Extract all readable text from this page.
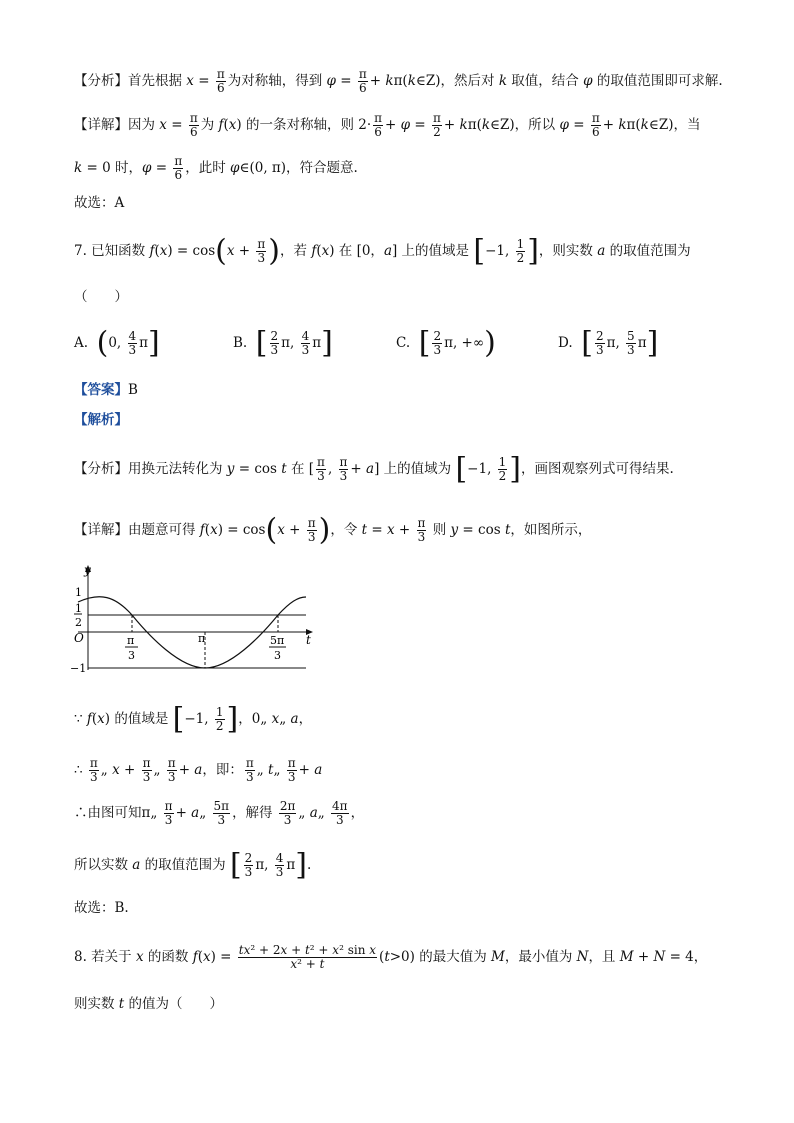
【分析】首先根据 $x = \frac{\pi}{6}$ 为对称轴，得到 $\varphi = \frac{\pi}{6}$ + kπ(k∈Z)，然后对 k 取值，结合 φ 的取值范围即可求解.
【详解】因为 $x = \frac{\pi}{6}$ 为 f(x) 的一条对称轴，则 $2\cdot \frac{\pi}{6} + \varphi = \frac{\pi}{2}$ + kπ(k∈Z)，所以 $\varphi = \frac{\pi}{6}$ + kπ(k∈Z)，当
k = 0 时，$\varphi = \frac{\pi}{6}$ ，此时 φ∈(0, π)，符合题意.
故选：A
7. 已知函数 $f(x) = \cos(x + \frac{\pi}{3}$ )，若 f(x) 在 [0，a] 上的值域是 [−1, $\frac{1}{2}$ ]，则实数 a 的取值范围为
（　　）
A.  (0, $\frac{4}{3} \pi$]	B.  [ $\frac{2}{3} \pi$, $\frac{4}{3} \pi$]	C.  [ $\frac{2}{3} \pi$, +∞)	D.  [ $\frac{2}{3} \pi$, $\frac{5}{3} \pi$]
【答案】B
【解析】
【分析】用换元法转化为 y = cos t 在 [ $\frac{\pi}{3}$ , $\frac{\pi}{3} + a$] 上的值域为 [−1, $\frac{1}{2}$ ]，画图观察列式可得结果.
【详解】由题意可得 $f(x) = \cos(x + \frac{\pi}{3}$ )，令 $t = x + \frac{\pi}{3}$ 则 y = cos t，如图所示，
y
t
O
1
1
2
−1
π
3
π	5π
3
∵ f(x) 的值域是 [−1, $\frac{1}{2}$ ]，0„ x„ a，
∴ $\frac{\pi}{3}$ „ $x + \frac{\pi}{3}$ „ $\frac{\pi}{3} + a$，即： $\frac{\pi}{3}$ „ t„ $\frac{\pi}{3} + a$
∴由图可知π„ $\frac{\pi}{3}$ + a„ $\frac{5\pi}{3}$ ，解得 $\frac{2\pi}{3}$ „ a„ $\frac{4\pi}{3}$ ，
所以实数 a 的取值范围为 [ $\frac{2}{3} \pi$, $\frac{4}{3} \pi$].
故选：B.
8. 若关于 x 的函数 $f(x) = \frac{\text{tx² + 2x + t² + x² sin x}}{\text{x² + t}} (t>0)$ 的最大值为 M，最小值为 N，且 M + N = 4，
则实数 t 的值为（　　）
